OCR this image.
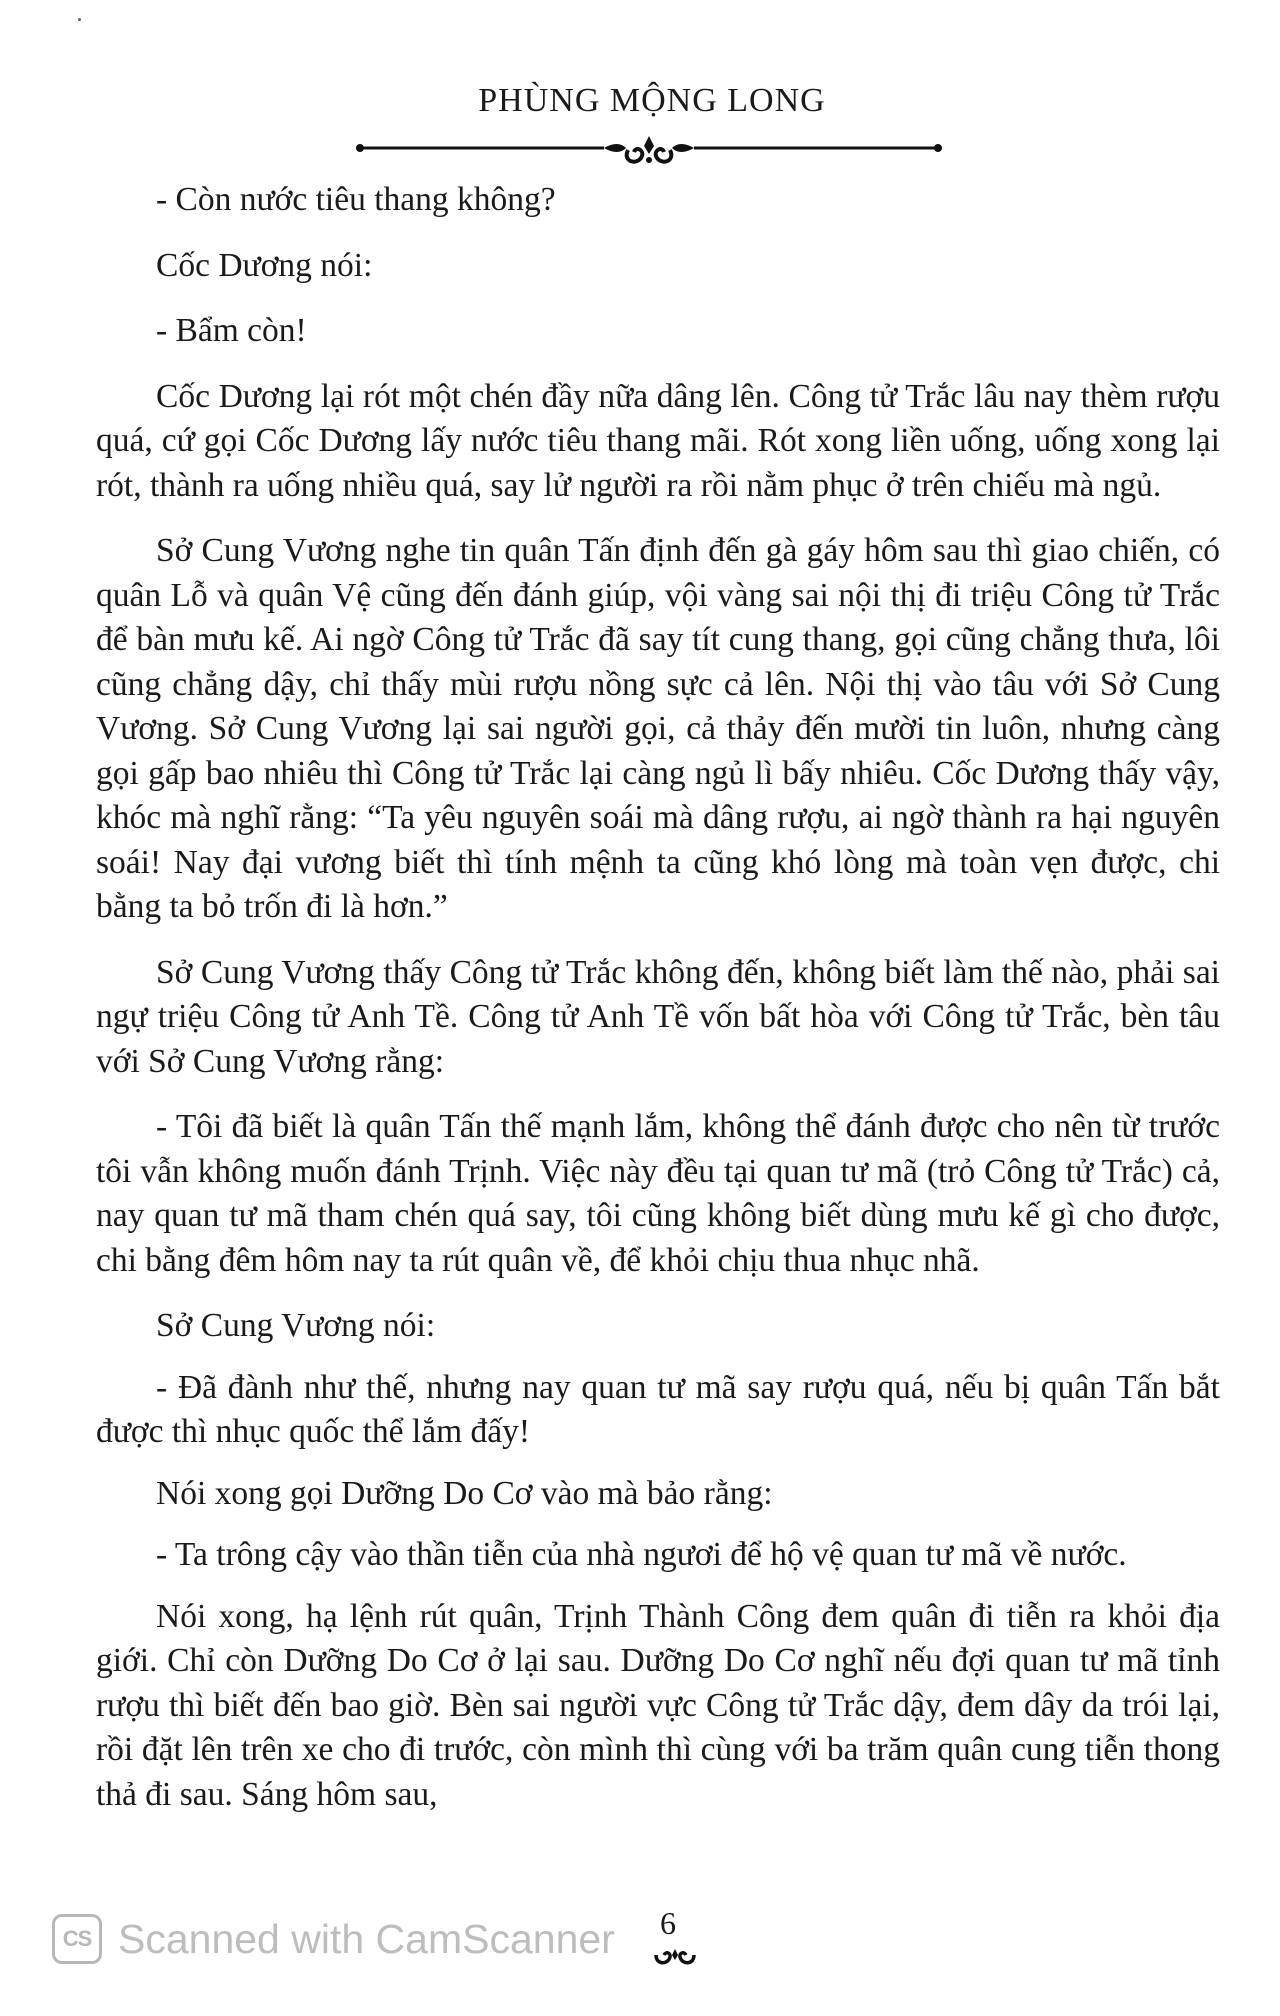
PHÙNG MỘNG LONG

- Còn nước tiêu thang không?

Cốc Dương nói:

- Bẩm còn!

Cốc Dương lại rót một chén đầy nữa dâng lên. Công tử Trắc lâu nay thèm rượu quá, cứ gọi Cốc Dương lấy nước tiêu thang mãi. Rót xong liền uống, uống xong lại rót, thành ra uống nhiều quá, say lử người ra rồi nằm phục ở trên chiếu mà ngủ.

Sở Cung Vương nghe tin quân Tấn định đến gà gáy hôm sau thì giao chiến, có quân Lỗ và quân Vệ cũng đến đánh giúp, vội vàng sai nội thị đi triệu Công tử Trắc để bàn mưu kế. Ai ngờ Công tử Trắc đã say tít cung thang, gọi cũng chẳng thưa, lôi cũng chẳng dậy, chỉ thấy mùi rượu nồng sực cả lên. Nội thị vào tâu với Sở Cung Vương. Sở Cung Vương lại sai người gọi, cả thảy đến mười tin luôn, nhưng càng gọi gấp bao nhiêu thì Công tử Trắc lại càng ngủ lì bấy nhiêu. Cốc Dương thấy vậy, khóc mà nghĩ rằng: “Ta yêu nguyên soái mà dâng rượu, ai ngờ thành ra hại nguyên soái! Nay đại vương biết thì tính mệnh ta cũng khó lòng mà toàn vẹn được, chi bằng ta bỏ trốn đi là hơn.”

Sở Cung Vương thấy Công tử Trắc không đến, không biết làm thế nào, phải sai ngự triệu Công tử Anh Tề. Công tử Anh Tề vốn bất hòa với Công tử Trắc, bèn tâu với Sở Cung Vương rằng:

- Tôi đã biết là quân Tấn thế mạnh lắm, không thể đánh được cho nên từ trước tôi vẫn không muốn đánh Trịnh. Việc này đều tại quan tư mã (trỏ Công tử Trắc) cả, nay quan tư mã tham chén quá say, tôi cũng không biết dùng mưu kế gì cho được, chi bằng đêm hôm nay ta rút quân về, để khỏi chịu thua nhục nhã.

Sở Cung Vương nói:

- Đã đành như thế, nhưng nay quan tư mã say rượu quá, nếu bị quân Tấn bắt được thì nhục quốc thể lắm đấy!

Nói xong gọi Dưỡng Do Cơ vào mà bảo rằng:

- Ta trông cậy vào thần tiễn của nhà ngươi để hộ vệ quan tư mã về nước.

Nói xong, hạ lệnh rút quân, Trịnh Thành Công đem quân đi tiễn ra khỏi địa giới. Chỉ còn Dưỡng Do Cơ ở lại sau. Dưỡng Do Cơ nghĩ nếu đợi quan tư mã tỉnh rượu thì biết đến bao giờ. Bèn sai người vực Công tử Trắc dậy, đem dây da trói lại, rồi đặt lên trên xe cho đi trước, còn mình thì cùng với ba trăm quân cung tiễn thong thả đi sau. Sáng hôm sau,

CS Scanned with CamScanner 6
